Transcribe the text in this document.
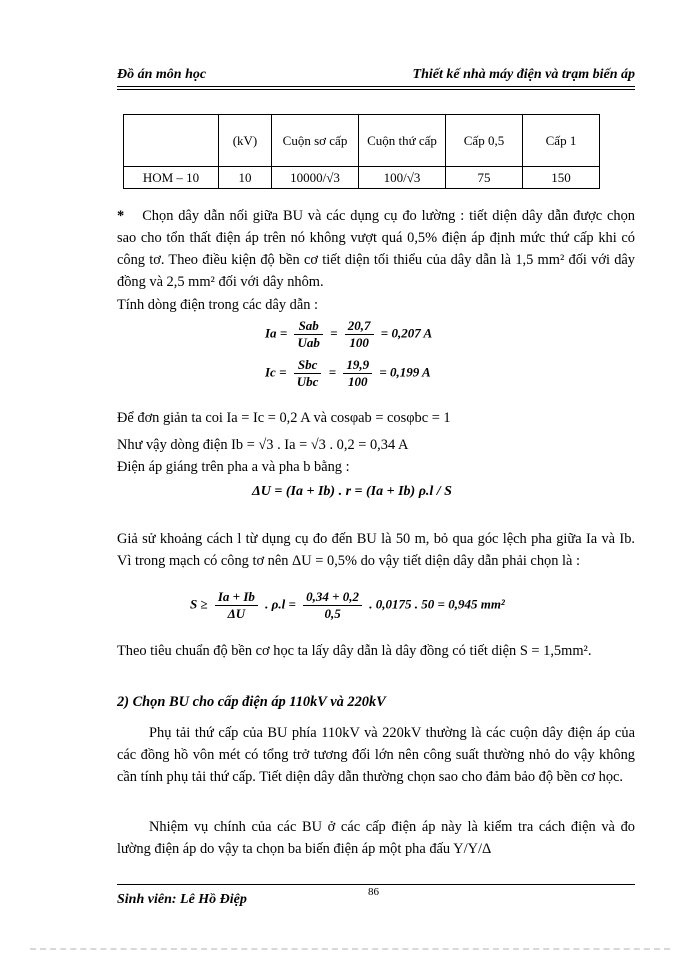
Đồ án môn học	Thiết kế nhà máy điện và trạm biến áp
	(kV)	Cuộn sơ cấp	Cuộn thứ cấp	Cấp 0,5	Cấp 1
HOM – 10	10	10000/√3	100/√3	75	150
* Chọn dây dẫn nối giữa BU và các dụng cụ đo lường : tiết diện dây dẫn được chọn sao cho tổn thất điện áp trên nó không vượt quá 0,5% điện áp định mức thứ cấp khi có công tơ. Theo điều kiện độ bền cơ tiết diện tối thiểu của dây dẫn là 1,5 mm² đối với dây đồng và 2,5 mm² đối với dây nhôm.
Tính dòng điện trong các dây dẫn :
$Ia = \frac{\text{Sab}}{\text{Uab}} = \frac{20,7}{100} = 0,207$ A
$Ic = \frac{\text{Sbc}}{\text{Ubc}} = \frac{19,9}{100} = 0,199$ A
Để đơn giản ta coi Ia = Ic = 0,2 A và cosφab = cosφbc = 1
Như vậy dòng điện Ib = √3 . Ia = √3 . 0,2 = 0,34 A
Điện áp giáng trên pha a và pha b bằng :
ΔU = (Ia + Ib) . r = (Ia + Ib) ρ.l / S
Giả sử khoảng cách l từ dụng cụ đo đến BU là 50 m, bỏ qua góc lệch pha giữa Ia và Ib. Vì trong mạch có công tơ nên ΔU = 0,5% do vậy tiết diện dây dẫn phải chọn là :
$S \ge \frac{Ia + Ib}{\Delta U}$ . $\rho.l = \frac{0,34 + 0,2}{0,5}$ . 0,0175 . 50 = 0,945 mm²
Theo tiêu chuẩn độ bền cơ học ta lấy dây dẫn là dây đồng có tiết diện S = 1,5mm².
2) Chọn BU cho cấp điện áp 110kV và 220kV
Phụ tải thứ cấp của BU phía 110kV và 220kV thường là các cuộn dây điện áp của các đồng hồ vôn mét có tổng trở tương đối lớn nên công suất thường nhỏ do vậy không cần tính phụ tải thứ cấp. Tiết diện dây dẫn thường chọn sao cho đảm bảo độ bền cơ học.
Nhiệm vụ chính của các BU ở các cấp điện áp này là kiểm tra cách điện và đo lường điện áp do vậy ta chọn ba biến điện áp một pha đấu Y/Y/Δ
86
Sinh viên: Lê Hồ Điệp
